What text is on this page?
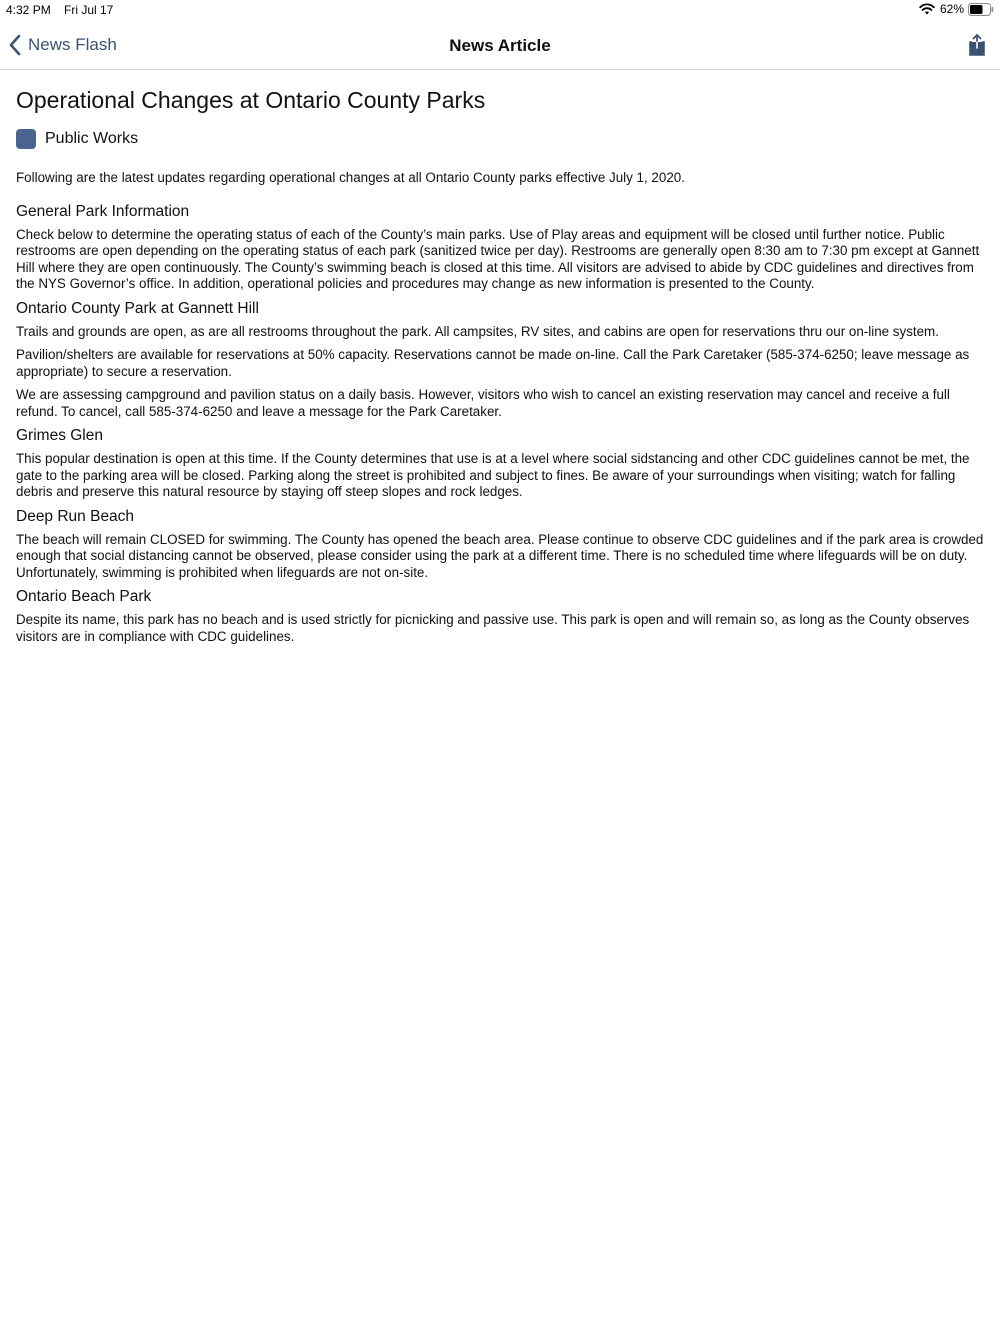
4:32 PM Fri Jul 17	62%
News Flash	News Article
Operational Changes at Ontario County Parks
Public Works

Following are the latest updates regarding operational changes at all Ontario County parks effective July 1, 2020.

General Park Information

Check below to determine the operating status of each of the County’s main parks. Use of Play areas and equipment will be closed until further notice. Public restrooms are open depending on the operating status of each park (sanitized twice per day). Restrooms are generally open 8:30 am to 7:30 pm except at Gannett Hill where they are open continuously. The County’s swimming beach is closed at this time. All visitors are advised to abide by CDC guidelines and directives from the NYS Governor’s office. In addition, operational policies and procedures may change as new information is presented to the County.

Ontario County Park at Gannett Hill

Trails and grounds are open, as are all restrooms throughout the park. All campsites, RV sites, and cabins are open for reservations thru our on-line system.

Pavilion/shelters are available for reservations at 50% capacity. Reservations cannot be made on-line. Call the Park Caretaker (585-374-6250; leave message as appropriate) to secure a reservation.

We are assessing campground and pavilion status on a daily basis. However, visitors who wish to cancel an existing reservation may cancel and receive a full refund. To cancel, call 585-374-6250 and leave a message for the Park Caretaker.

Grimes Glen

This popular destination is open at this time. If the County determines that use is at a level where social sidstancing and other CDC guidelines cannot be met, the gate to the parking area will be closed. Parking along the street is prohibited and subject to fines. Be aware of your surroundings when visiting; watch for falling debris and preserve this natural resource by staying off steep slopes and rock ledges.

Deep Run Beach

The beach will remain CLOSED for swimming. The County has opened the beach area. Please continue to observe CDC guidelines and if the park area is crowded enough that social distancing cannot be observed, please consider using the park at a different time. There is no scheduled time where lifeguards will be on duty. Unfortunately, swimming is prohibited when lifeguards are not on-site.

Ontario Beach Park

Despite its name, this park has no beach and is used strictly for picnicking and passive use. This park is open and will remain so, as long as the County observes visitors are in compliance with CDC guidelines.
